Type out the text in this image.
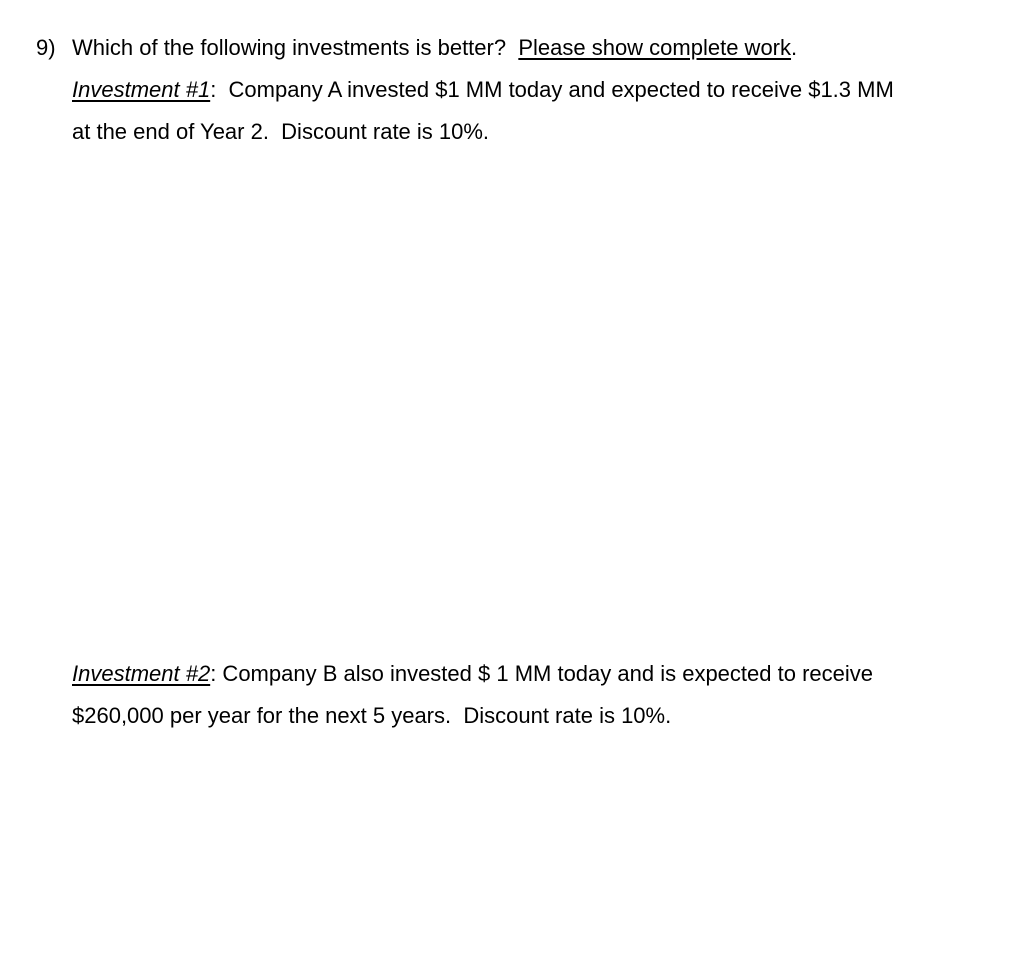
9) Which of the following investments is better? Please show complete work.
Investment #1:  Company A invested $1 MM today and expected to receive $1.3 MM
at the end of Year 2.  Discount rate is 10%.
Investment #2: Company B also invested $ 1 MM today and is expected to receive
$260,000 per year for the next 5 years.  Discount rate is 10%.
